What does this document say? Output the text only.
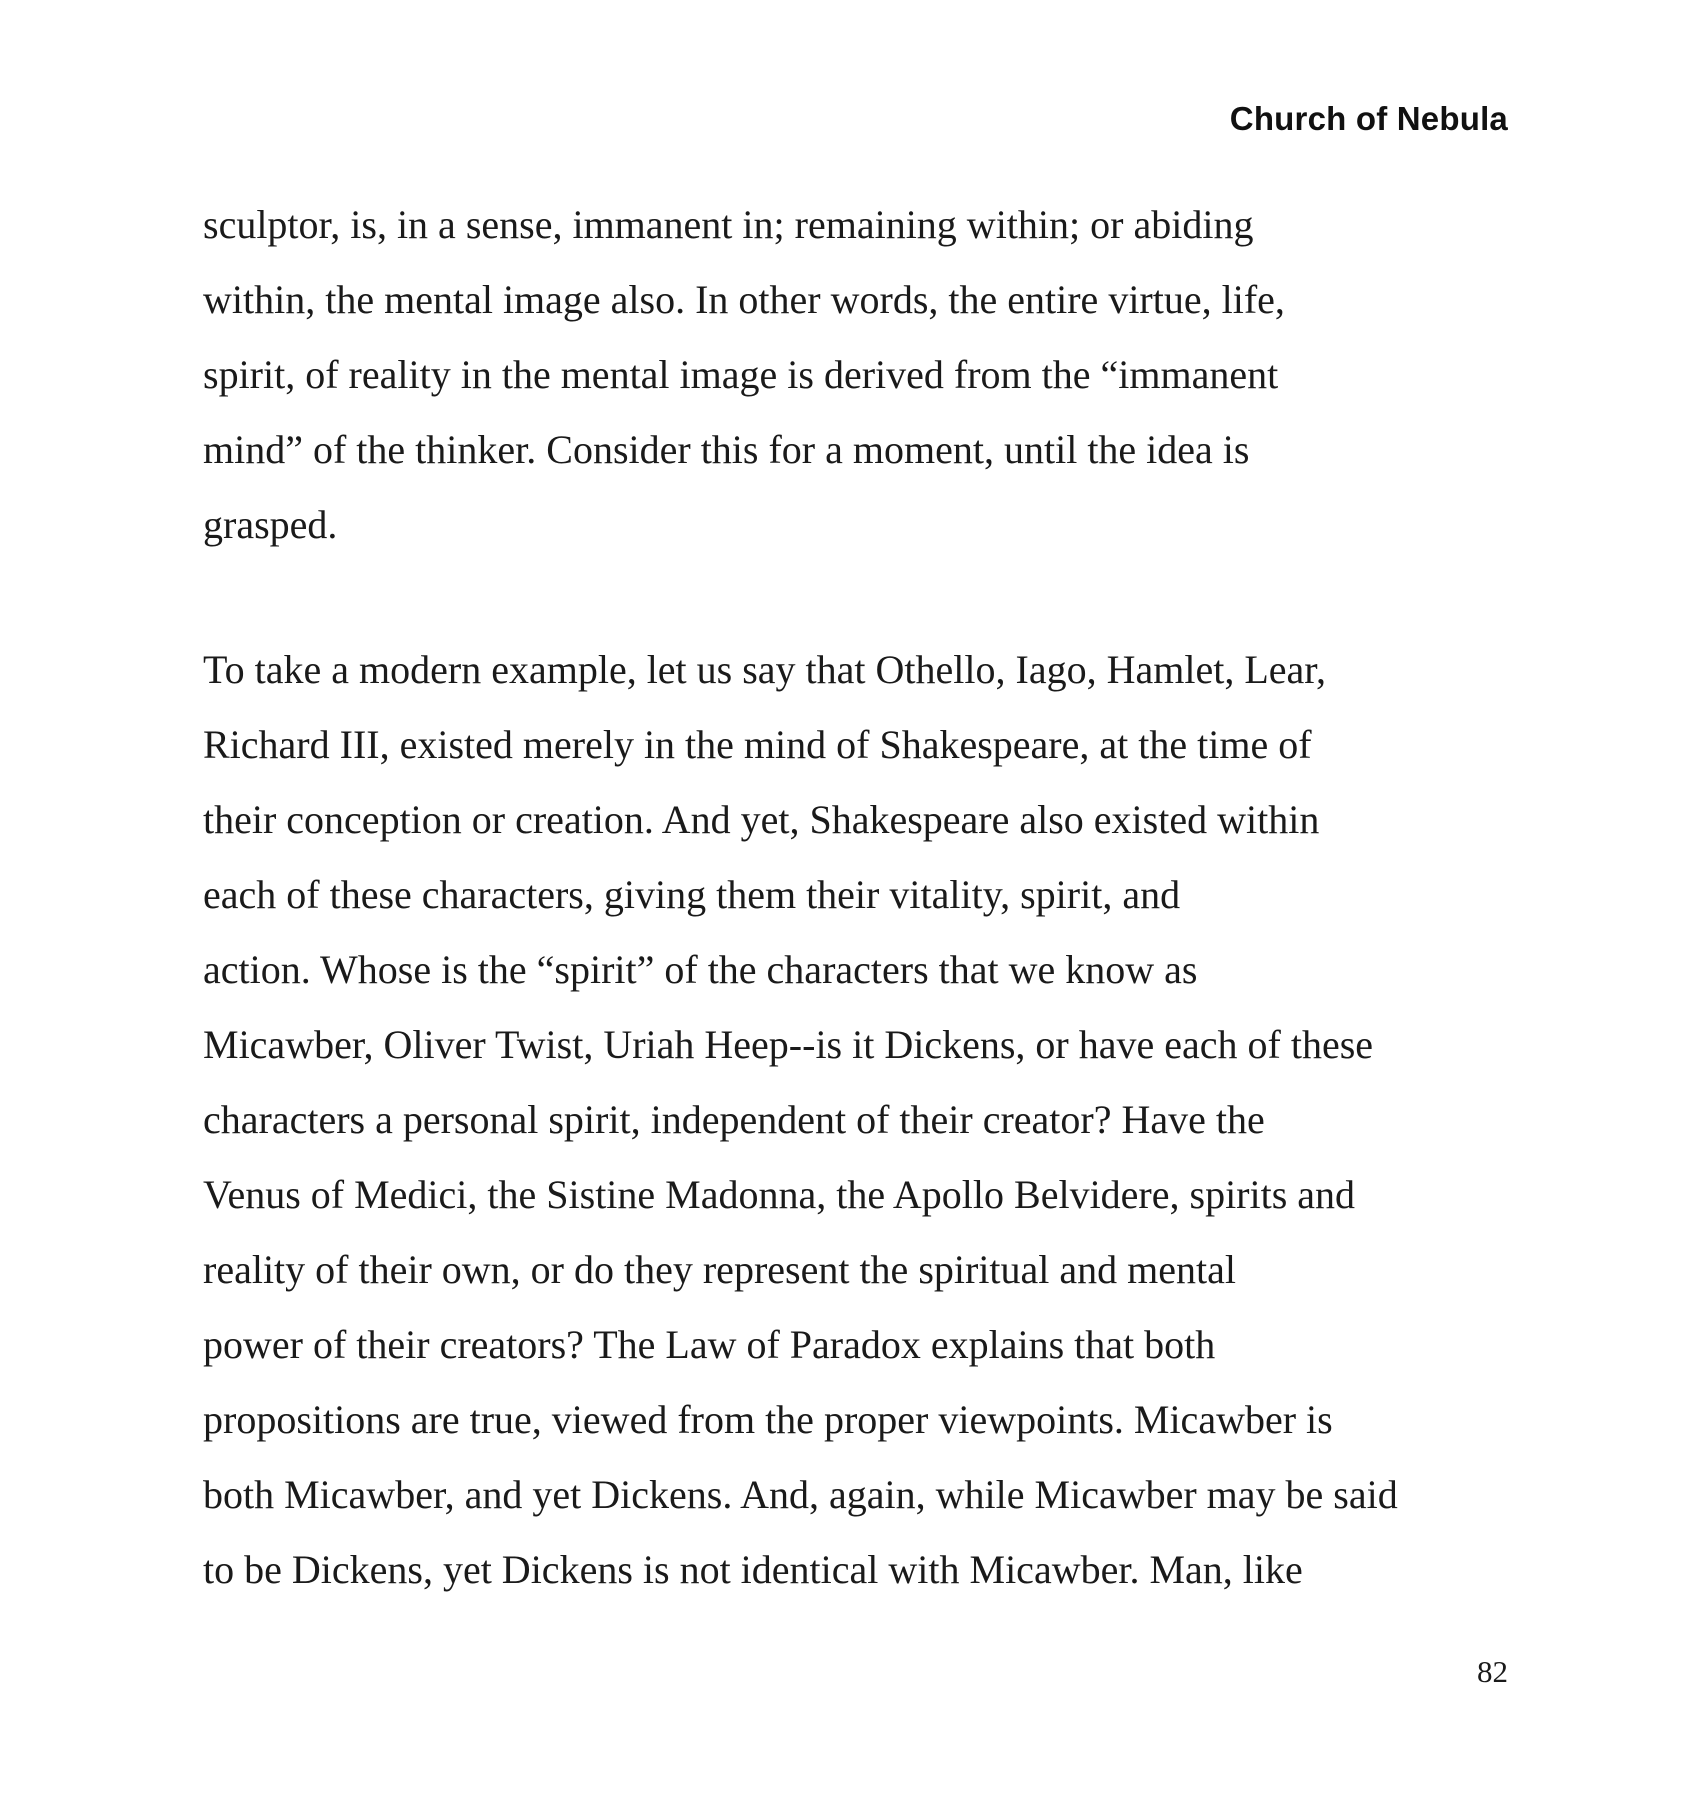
Church of Nebula
sculptor, is, in a sense, immanent in; remaining within; or abiding
within, the mental image also. In other words, the entire virtue, life,
spirit, of reality in the mental image is derived from the “immanent
mind” of the thinker. Consider this for a moment, until the idea is
grasped.
To take a modern example, let us say that Othello, Iago, Hamlet, Lear,
Richard III, existed merely in the mind of Shakespeare, at the time of
their conception or creation. And yet, Shakespeare also existed within
each of these characters, giving them their vitality, spirit, and
action. Whose is the “spirit” of the characters that we know as
Micawber, Oliver Twist, Uriah Heep--is it Dickens, or have each of these
characters a personal spirit, independent of their creator? Have the
Venus of Medici, the Sistine Madonna, the Apollo Belvidere, spirits and
reality of their own, or do they represent the spiritual and mental
power of their creators? The Law of Paradox explains that both
propositions are true, viewed from the proper viewpoints. Micawber is
both Micawber, and yet Dickens. And, again, while Micawber may be said
to be Dickens, yet Dickens is not identical with Micawber. Man, like
82
